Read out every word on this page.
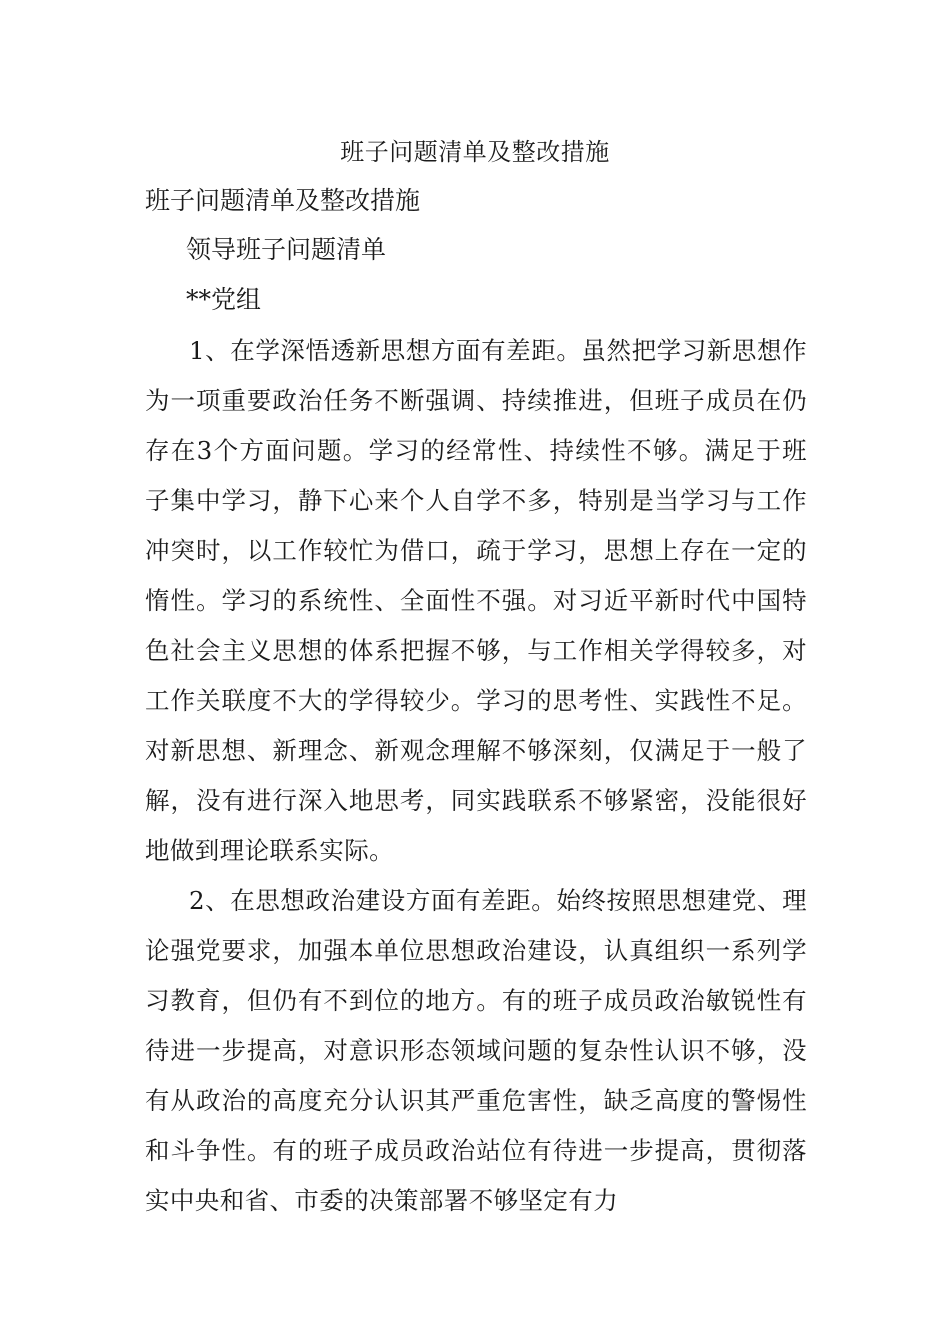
班子问题清单及整改措施
班子问题清单及整改措施
领导班子问题清单
**党组

1、在学深悟透新思想方面有差距。虽然把学习新思想作为一项重要政治任务不断强调、持续推进，但班子成员在仍存在3个方面问题。学习的经常性、持续性不够。满足于班子集中学习，静下心来个人自学不多，特别是当学习与工作冲突时，以工作较忙为借口，疏于学习，思想上存在一定的惰性。学习的系统性、全面性不强。对习近平新时代中国特色社会主义思想的体系把握不够，与工作相关学得较多，对工作关联度不大的学得较少。学习的思考性、实践性不足。对新思想、新理念、新观念理解不够深刻，仅满足于一般了解，没有进行深入地思考，同实践联系不够紧密，没能很好地做到理论联系实际。

2、在思想政治建设方面有差距。始终按照思想建党、理论强党要求，加强本单位思想政治建设，认真组织一系列学习教育，但仍有不到位的地方。有的班子成员政治敏锐性有待进一步提高，对意识形态领域问题的复杂性认识不够，没有从政治的高度充分认识其严重危害性，缺乏高度的警惕性和斗争性。有的班子成员政治站位有待进一步提高，贯彻落实中央和省、市委的决策部署不够坚定有力
